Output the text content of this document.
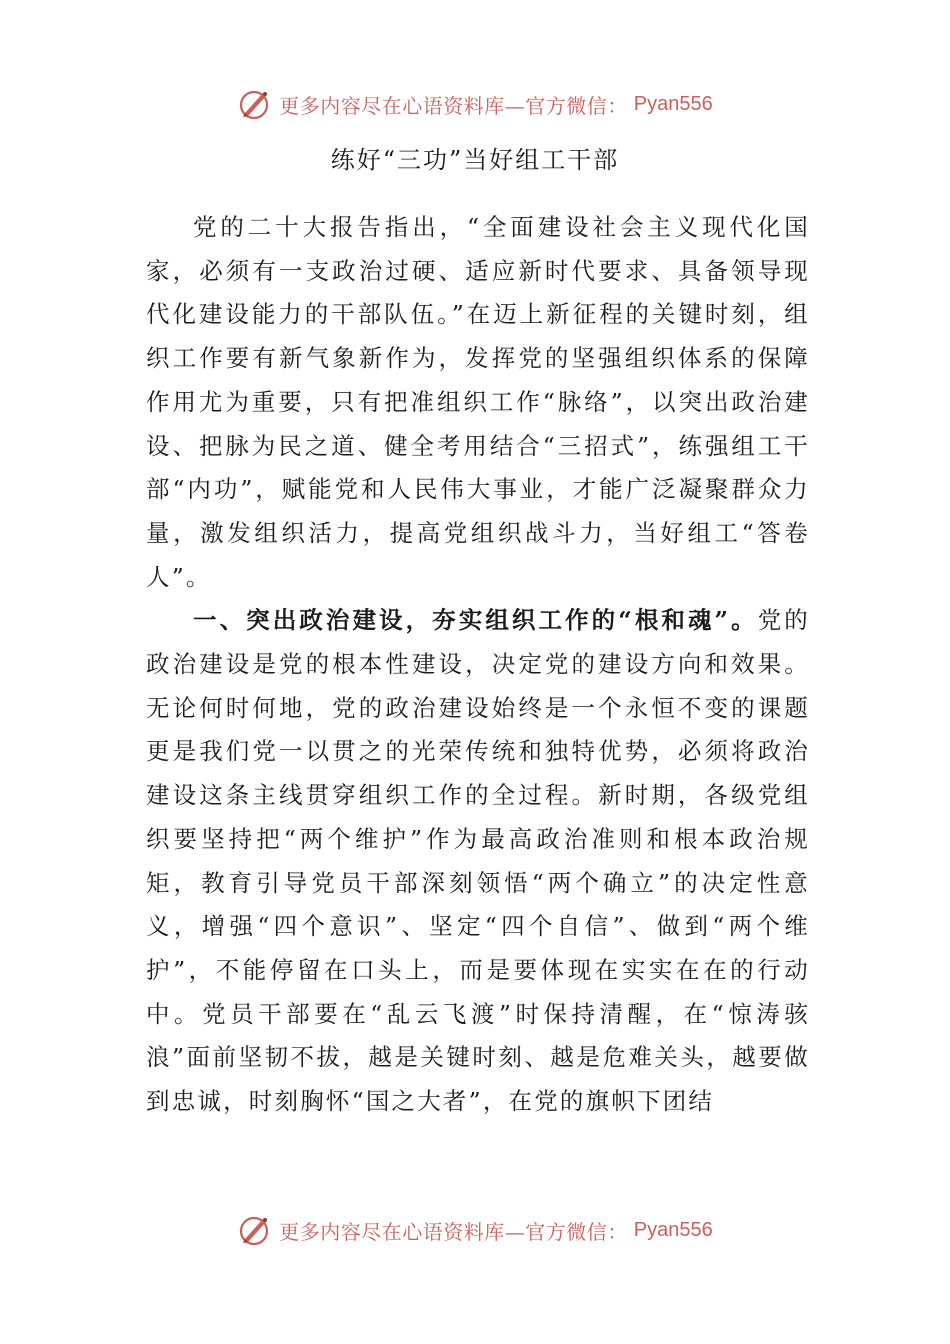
更多内容尽在心语资料库—官方微信： Pyan556
练好“三功”当好组工干部

党的二十大报告指出，“全面建设社会主义现代化国家，必须有一支政治过硬、适应新时代要求、具备领导现代化建设能力的干部队伍。”在迈上新征程的关键时刻，组织工作要有新气象新作为，发挥党的坚强组织体系的保障作用尤为重要，只有把准组织工作“脉络”，以突出政治建设、把脉为民之道、健全考用结合“三招式”，练强组工干部“内功”，赋能党和人民伟大事业，才能广泛凝聚群众力量，激发组织活力，提高党组织战斗力，当好组工“答卷人”。

一、突出政治建设，夯实组织工作的“根和魂”。党的政治建设是党的根本性建设，决定党的建设方向和效果。无论何时何地，党的政治建设始终是一个永恒不变的课题更是我们党一以贯之的光荣传统和独特优势，必须将政治建设这条主线贯穿组织工作的全过程。新时期，各级党组织要坚持把“两个维护”作为最高政治准则和根本政治规矩，教育引导党员干部深刻领悟“两个确立”的决定性意义，增强“四个意识”、坚定“四个自信”、做到“两个维护”，不能停留在口头上，而是要体现在实实在在的行动中。党员干部要在“乱云飞渡”时保持清醒，在“惊涛骇浪”面前坚韧不拔，越是关键时刻、越是危难关头，越要做到忠诚，时刻胸怀“国之大者”，在党的旗帜下团结

更多内容尽在心语资料库—官方微信： Pyan556
